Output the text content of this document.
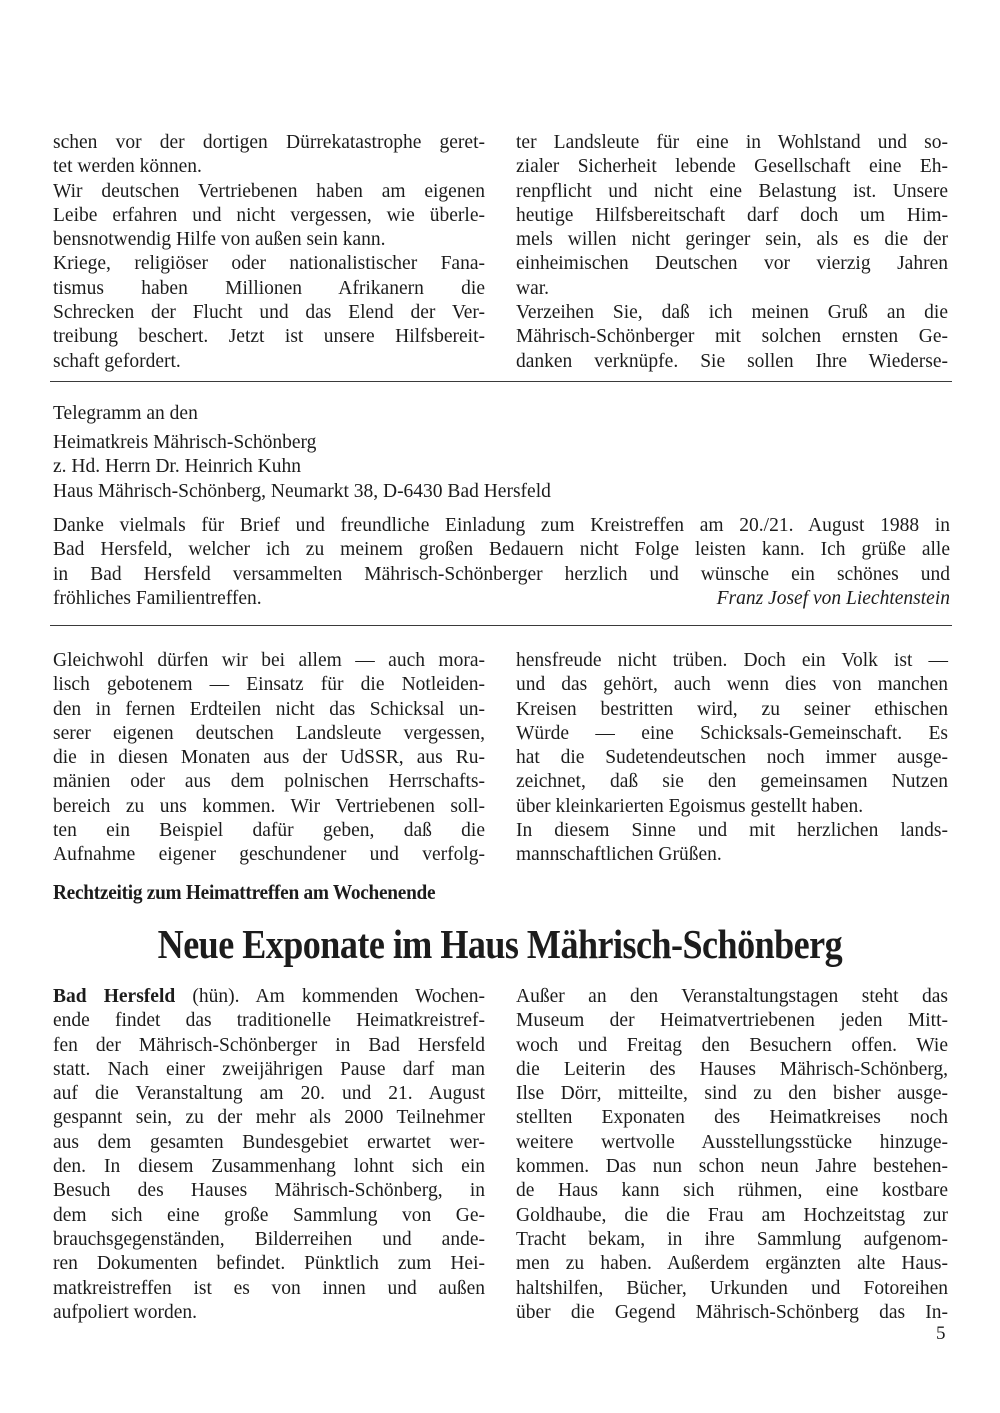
schen vor der dortigen Dürrekatastrophe geret-
tet werden können.
Wir deutschen Vertriebenen haben am eigenen
Leibe erfahren und nicht vergessen, wie überle-
bensnotwendig Hilfe von außen sein kann.
Kriege, religiöser oder nationalistischer Fana-
tismus haben Millionen Afrikanern die
Schrecken der Flucht und das Elend der Ver-
treibung beschert. Jetzt ist unsere Hilfsbereit-
schaft gefordert.
ter Landsleute für eine in Wohlstand und so-
zialer Sicherheit lebende Gesellschaft eine Eh-
renpflicht und nicht eine Belastung ist. Unsere
heutige Hilfsbereitschaft darf doch um Him-
mels willen nicht geringer sein, als es die der
einheimischen Deutschen vor vierzig Jahren
war.
Verzeihen Sie, daß ich meinen Gruß an die
Mährisch-Schönberger mit solchen ernsten Ge-
danken verknüpfe. Sie sollen Ihre Wiederse-
Telegramm an den
Heimatkreis Mährisch-Schönberg
z. Hd. Herrn Dr. Heinrich Kuhn
Haus Mährisch-Schönberg, Neumarkt 38, D-6430 Bad Hersfeld
Danke vielmals für Brief und freundliche Einladung zum Kreistreffen am 20./21. August 1988 in
Bad Hersfeld, welcher ich zu meinem großen Bedauern nicht Folge leisten kann. Ich grüße alle
in Bad Hersfeld versammelten Mährisch-Schönberger herzlich und wünsche ein schönes und
fröhliches Familientreffen.	Franz Josef von Liechtenstein
Gleichwohl dürfen wir bei allem — auch mora-
lisch gebotenem — Einsatz für die Notleiden-
den in fernen Erdteilen nicht das Schicksal un-
serer eigenen deutschen Landsleute vergessen,
die in diesen Monaten aus der UdSSR, aus Ru-
mänien oder aus dem polnischen Herrschafts-
bereich zu uns kommen. Wir Vertriebenen soll-
ten ein Beispiel dafür geben, daß die
Aufnahme eigener geschundener und verfolg-
hensfreude nicht trüben. Doch ein Volk ist —
und das gehört, auch wenn dies von manchen
Kreisen bestritten wird, zu seiner ethischen
Würde — eine Schicksals-Gemeinschaft. Es
hat die Sudetendeutschen noch immer ausge-
zeichnet, daß sie den gemeinsamen Nutzen
über kleinkarierten Egoismus gestellt haben.
In diesem Sinne und mit herzlichen lands-
mannschaftlichen Grüßen.
Rechtzeitig zum Heimattreffen am Wochenende
Neue Exponate im Haus Mährisch-Schönberg
Bad Hersfeld (hün). Am kommenden Wochen-
ende findet das traditionelle Heimatkreistref-
fen der Mährisch-Schönberger in Bad Hersfeld
statt. Nach einer zweijährigen Pause darf man
auf die Veranstaltung am 20. und 21. August
gespannt sein, zu der mehr als 2000 Teilnehmer
aus dem gesamten Bundesgebiet erwartet wer-
den. In diesem Zusammenhang lohnt sich ein
Besuch des Hauses Mährisch-Schönberg, in
dem sich eine große Sammlung von Ge-
brauchsgegenständen, Bilderreihen und ande-
ren Dokumenten befindet. Pünktlich zum Hei-
matkreistreffen ist es von innen und außen
aufpoliert worden.
Außer an den Veranstaltungstagen steht das
Museum der Heimatvertriebenen jeden Mitt-
woch und Freitag den Besuchern offen. Wie
die Leiterin des Hauses Mährisch-Schönberg,
Ilse Dörr, mitteilte, sind zu den bisher ausge-
stellten Exponaten des Heimatkreises noch
weitere wertvolle Ausstellungsstücke hinzuge-
kommen. Das nun schon neun Jahre bestehen-
de Haus kann sich rühmen, eine kostbare
Goldhaube, die die Frau am Hochzeitstag zur
Tracht bekam, in ihre Sammlung aufgenom-
men zu haben. Außerdem ergänzten alte Haus-
haltshilfen, Bücher, Urkunden und Fotoreihen
über die Gegend Mährisch-Schönberg das In-
5
